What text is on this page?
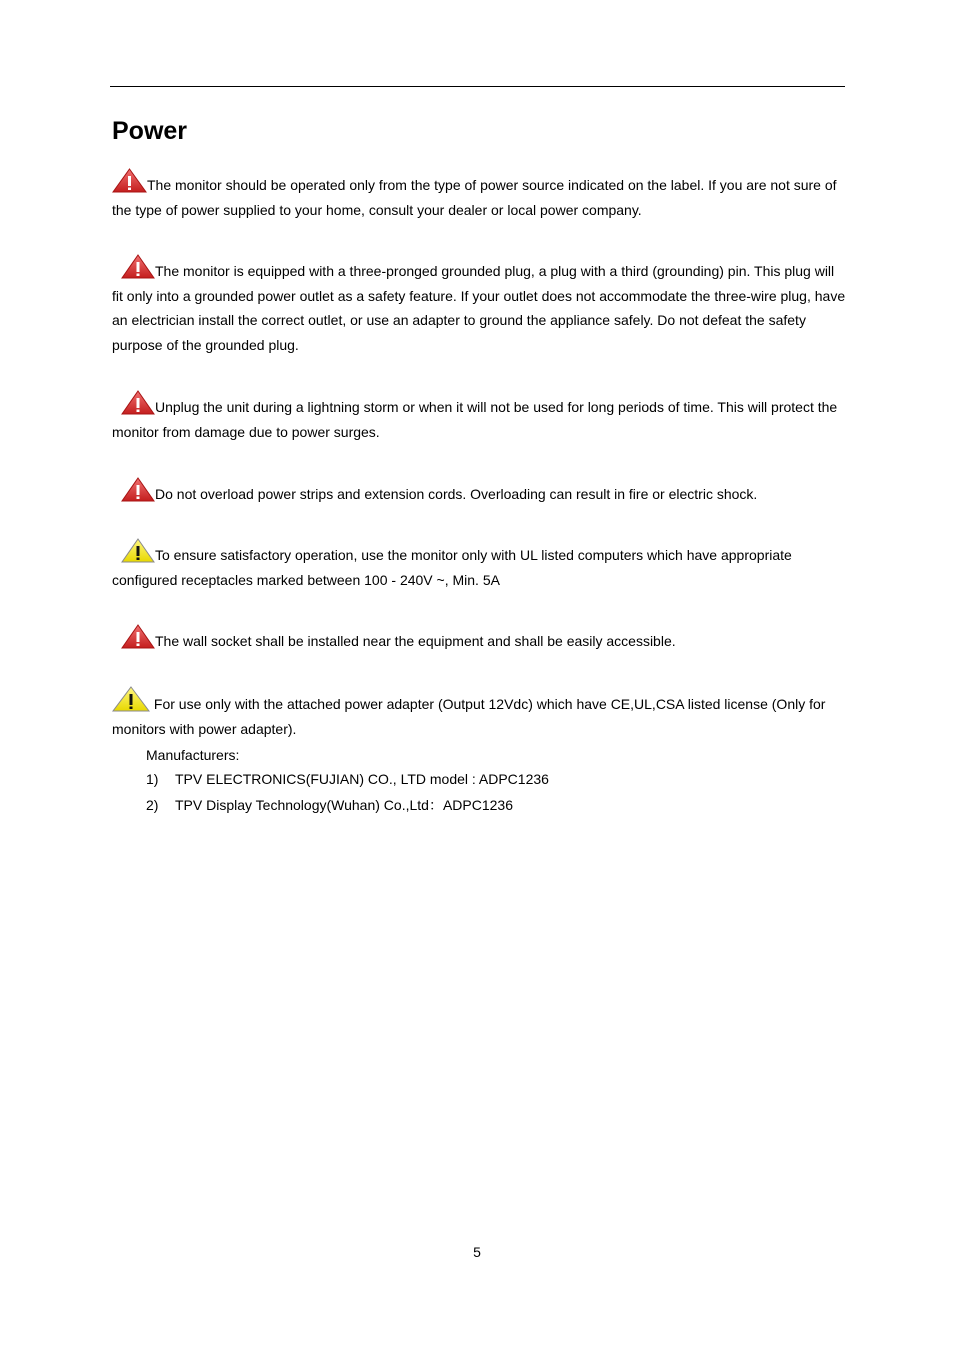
Power

The monitor should be operated only from the type of power source indicated on the label. If you are not sure of the type of power supplied to your home, consult your dealer or local power company.

The monitor is equipped with a three-pronged grounded plug, a plug with a third (grounding) pin. This plug will fit only into a grounded power outlet as a safety feature. If your outlet does not accommodate the three-wire plug, have an electrician install the correct outlet, or use an adapter to ground the appliance safely. Do not defeat the safety purpose of the grounded plug.

Unplug the unit during a lightning storm or when it will not be used for long periods of time. This will protect the monitor from damage due to power surges.

Do not overload power strips and extension cords. Overloading can result in fire or electric shock.

To ensure satisfactory operation, use the monitor only with UL listed computers which have appropriate configured receptacles marked between 100 - 240V ~, Min. 5A

The wall socket shall be installed near the equipment and shall be easily accessible.

For use only with the attached power adapter (Output 12Vdc) which have CE,UL,CSA listed license (Only for monitors with power adapter).

Manufacturers:
1) TPV ELECTRONICS(FUJIAN) CO., LTD model : ADPC1236
2) TPV Display Technology(Wuhan) Co.,Ltd：ADPC1236
5
